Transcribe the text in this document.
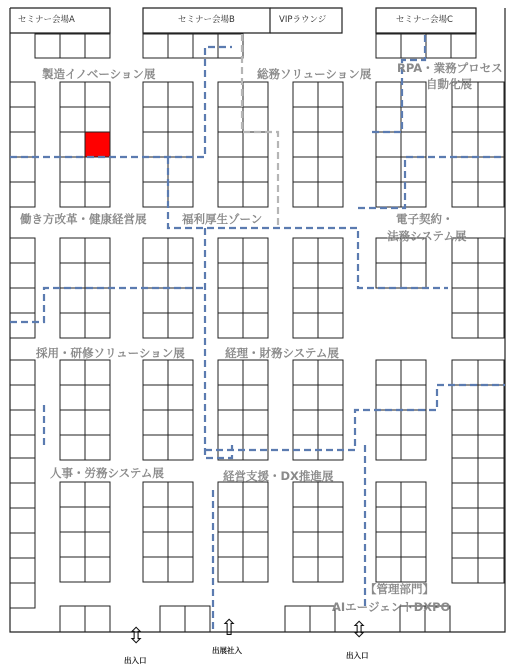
セミナー会場A	セミナー会場B	VIPラウンジ	セミナー会場C
製造イノベーション展	総務ソリューション展 RPA・業務プロセス
自動化展
働き方改革・健康経営展	福利厚生ゾーン	電子契約・
法務システム展
採用・研修ソリューション展	経理・財務システム展
人事・労務システム展	経営支援・DX推進展
【管理部門】
AIエージェントDXPO
⇳	⇧	⇳
出入口
出展社入
出入口
